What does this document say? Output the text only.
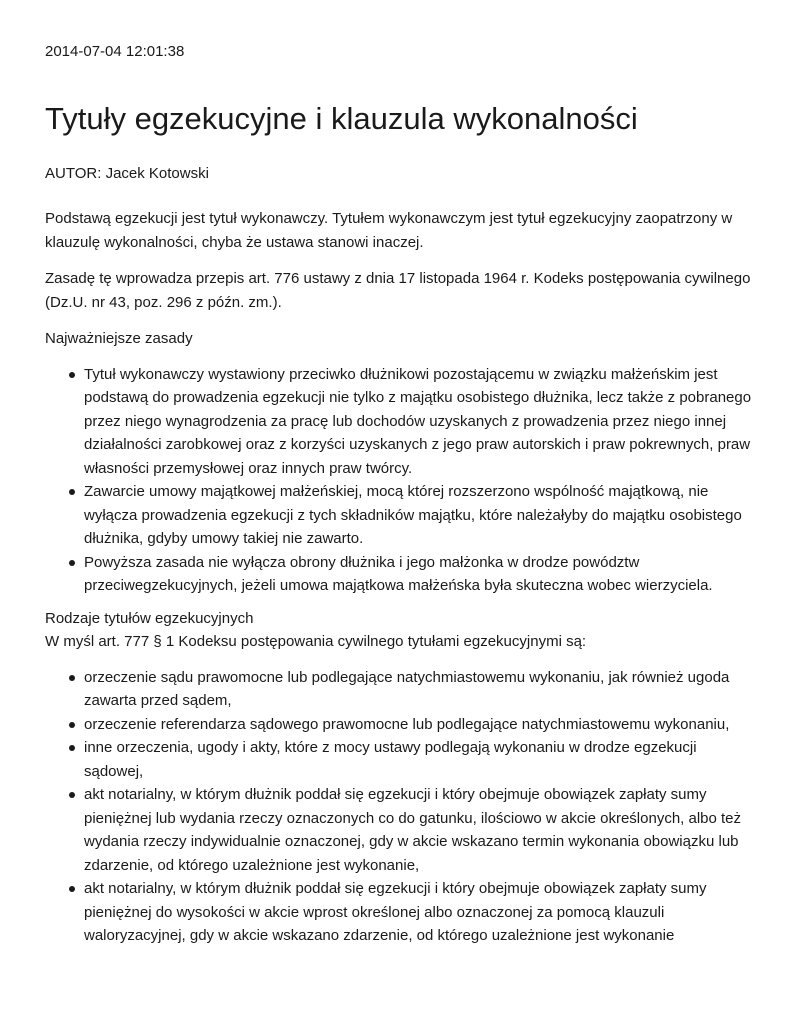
2014-07-04 12:01:38

Tytuły egzekucyjne i klauzula wykonalności

AUTOR: Jacek Kotowski

Podstawą egzekucji jest tytuł wykonawczy. Tytułem wykonawczym jest tytuł egzekucyjny zaopatrzony w klauzulę wykonalności, chyba że ustawa stanowi inaczej.

Zasadę tę wprowadza przepis art. 776 ustawy z dnia 17 listopada 1964 r. Kodeks postępowania cywilnego (Dz.U. nr 43, poz. 296 z późn. zm.).

Najważniejsze zasady

Tytuł wykonawczy wystawiony przeciwko dłużnikowi pozostającemu w związku małżeńskim jest podstawą do prowadzenia egzekucji nie tylko z majątku osobistego dłużnika, lecz także z pobranego przez niego wynagrodzenia za pracę lub dochodów uzyskanych z prowadzenia przez niego innej działalności zarobkowej oraz z korzyści uzyskanych z jego praw autorskich i praw pokrewnych, praw własności przemysłowej oraz innych praw twórcy.
Zawarcie umowy majątkowej małżeńskiej, mocą której rozszerzono wspólność majątkową, nie wyłącza prowadzenia egzekucji z tych składników majątku, które należałyby do majątku osobistego dłużnika, gdyby umowy takiej nie zawarto.
Powyższa zasada nie wyłącza obrony dłużnika i jego małżonka w drodze powództw przeciwegzekucyjnych, jeżeli umowa majątkowa małżeńska była skuteczna wobec wierzyciela.

Rodzaje tytułów egzekucyjnych

W myśl art. 777 § 1 Kodeksu postępowania cywilnego tytułami egzekucyjnymi są:

orzeczenie sądu prawomocne lub podlegające natychmiastowemu wykonaniu, jak również ugoda zawarta przed sądem,
orzeczenie referendarza sądowego prawomocne lub podlegające natychmiastowemu wykonaniu,
inne orzeczenia, ugody i akty, które z mocy ustawy podlegają wykonaniu w drodze egzekucji sądowej,
akt notarialny, w którym dłużnik poddał się egzekucji i który obejmuje obowiązek zapłaty sumy pieniężnej lub wydania rzeczy oznaczonych co do gatunku, ilościowo w akcie określonych, albo też wydania rzeczy indywidualnie oznaczonej, gdy w akcie wskazano termin wykonania obowiązku lub zdarzenie, od którego uzależnione jest wykonanie,
akt notarialny, w którym dłużnik poddał się egzekucji i który obejmuje obowiązek zapłaty sumy pieniężnej do wysokości w akcie wprost określonej albo oznaczonej za pomocą klauzuli waloryzacyjnej, gdy w akcie wskazano zdarzenie, od którego uzależnione jest wykonanie
